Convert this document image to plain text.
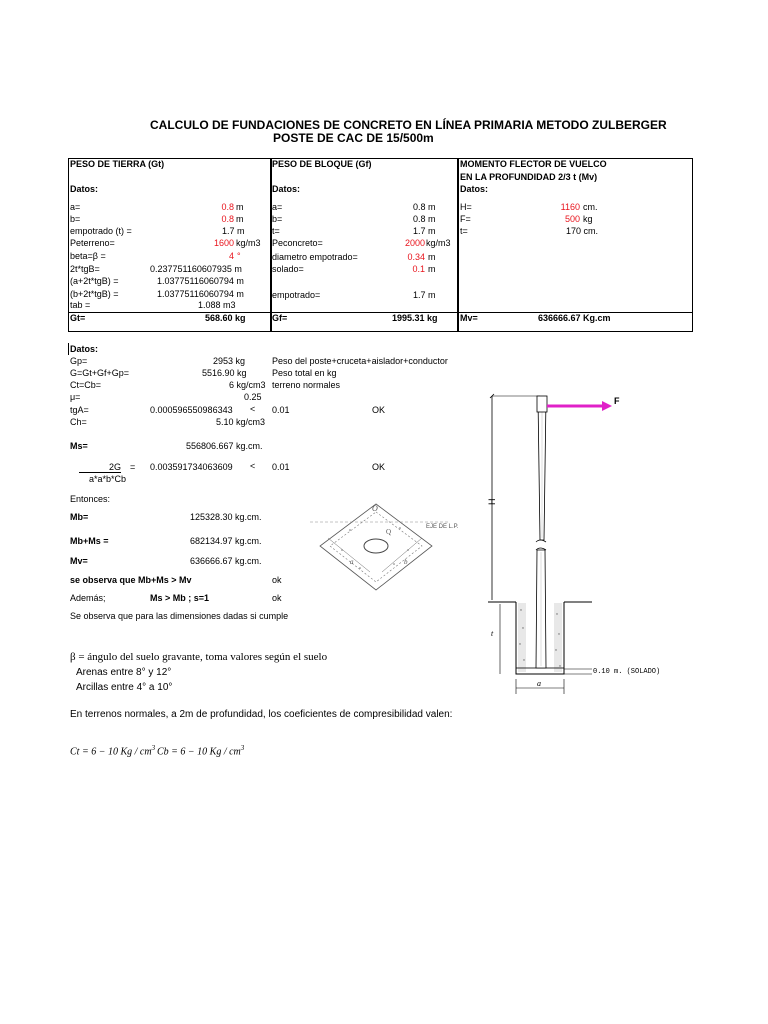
CALCULO DE FUNDACIONES DE CONCRETO EN LÍNEA PRIMARIA METODO ZULBERGER
POSTE DE CAC DE 15/500m
PESO DE TIERRA (Gt)
Datos:
a=	0.8 m
b=	0.8 m
empotrado (t) =	1.7 m
Peterreno=	1600 kg/m3
beta=β =	4 °
2t*tgB=	0.237751160607935 m
(a+2t*tgB) =	1.03775116060794 m
(b+2t*tgB) =	1.03775116060794 m
tab =	1.088 m3
Gt=	568.60 kg
PESO DE BLOQUE (Gf)
Datos:
a=	0.8 m
b=	0.8 m
t=	1.7 m
Peconcreto=	2000 kg/m3
diametro empotrado=	0.34 m
solado=	0.1 m
empotrado=	1.7 m
Gf=	1995.31 kg
MOMENTO FLECTOR DE VUELCO
EN LA PROFUNDIDAD 2/3 t (Mv)
Datos:
H=	1160 cm.
F=	500 kg
t=	170 cm.
Mv=	636666.67 Kg.cm
Datos:
Gp=	2953 kg	Peso del poste+cruceta+aislador+conductor
G=Gt+Gf+Gp=	5516.90 kg	Peso total en kg
Ct=Cb=	6 kg/cm3 terreno normales
μ=	0.25
tgA=	0.000596550986343 < 0.01	OK
Ch=	5.10 kg/cm3
Ms=	556806.667 kg.cm.
2G =
a*a*b*Cb
0.003591734063609 < 0.01	OK
Entonces:
Mb=	125328.30 kg.cm.
Mb+Ms =	682134.97 kg.cm.
Mv=	636666.67 kg.cm.
se observa que Mb+Ms > Mv	ok
Además;	Ms > Mb ; s=1	ok
Se observa que para las dimensiones dadas si cumple
β = ángulo del suelo gravante, toma valores según el suelo
Arenas entre 8° y 12°
Arcillas entre 4° a 10°
En terrenos normales, a 2m de profundidad, los coeficientes de compresibilidad valen:
Ct = 6 − 10 Kg / $cm^3$ Cb = 6 − 10 Kg / $cm^3$
O
Q
EJE DE L.P.
a	b
F
H
t
a
0.10 m. (SOLADO)
